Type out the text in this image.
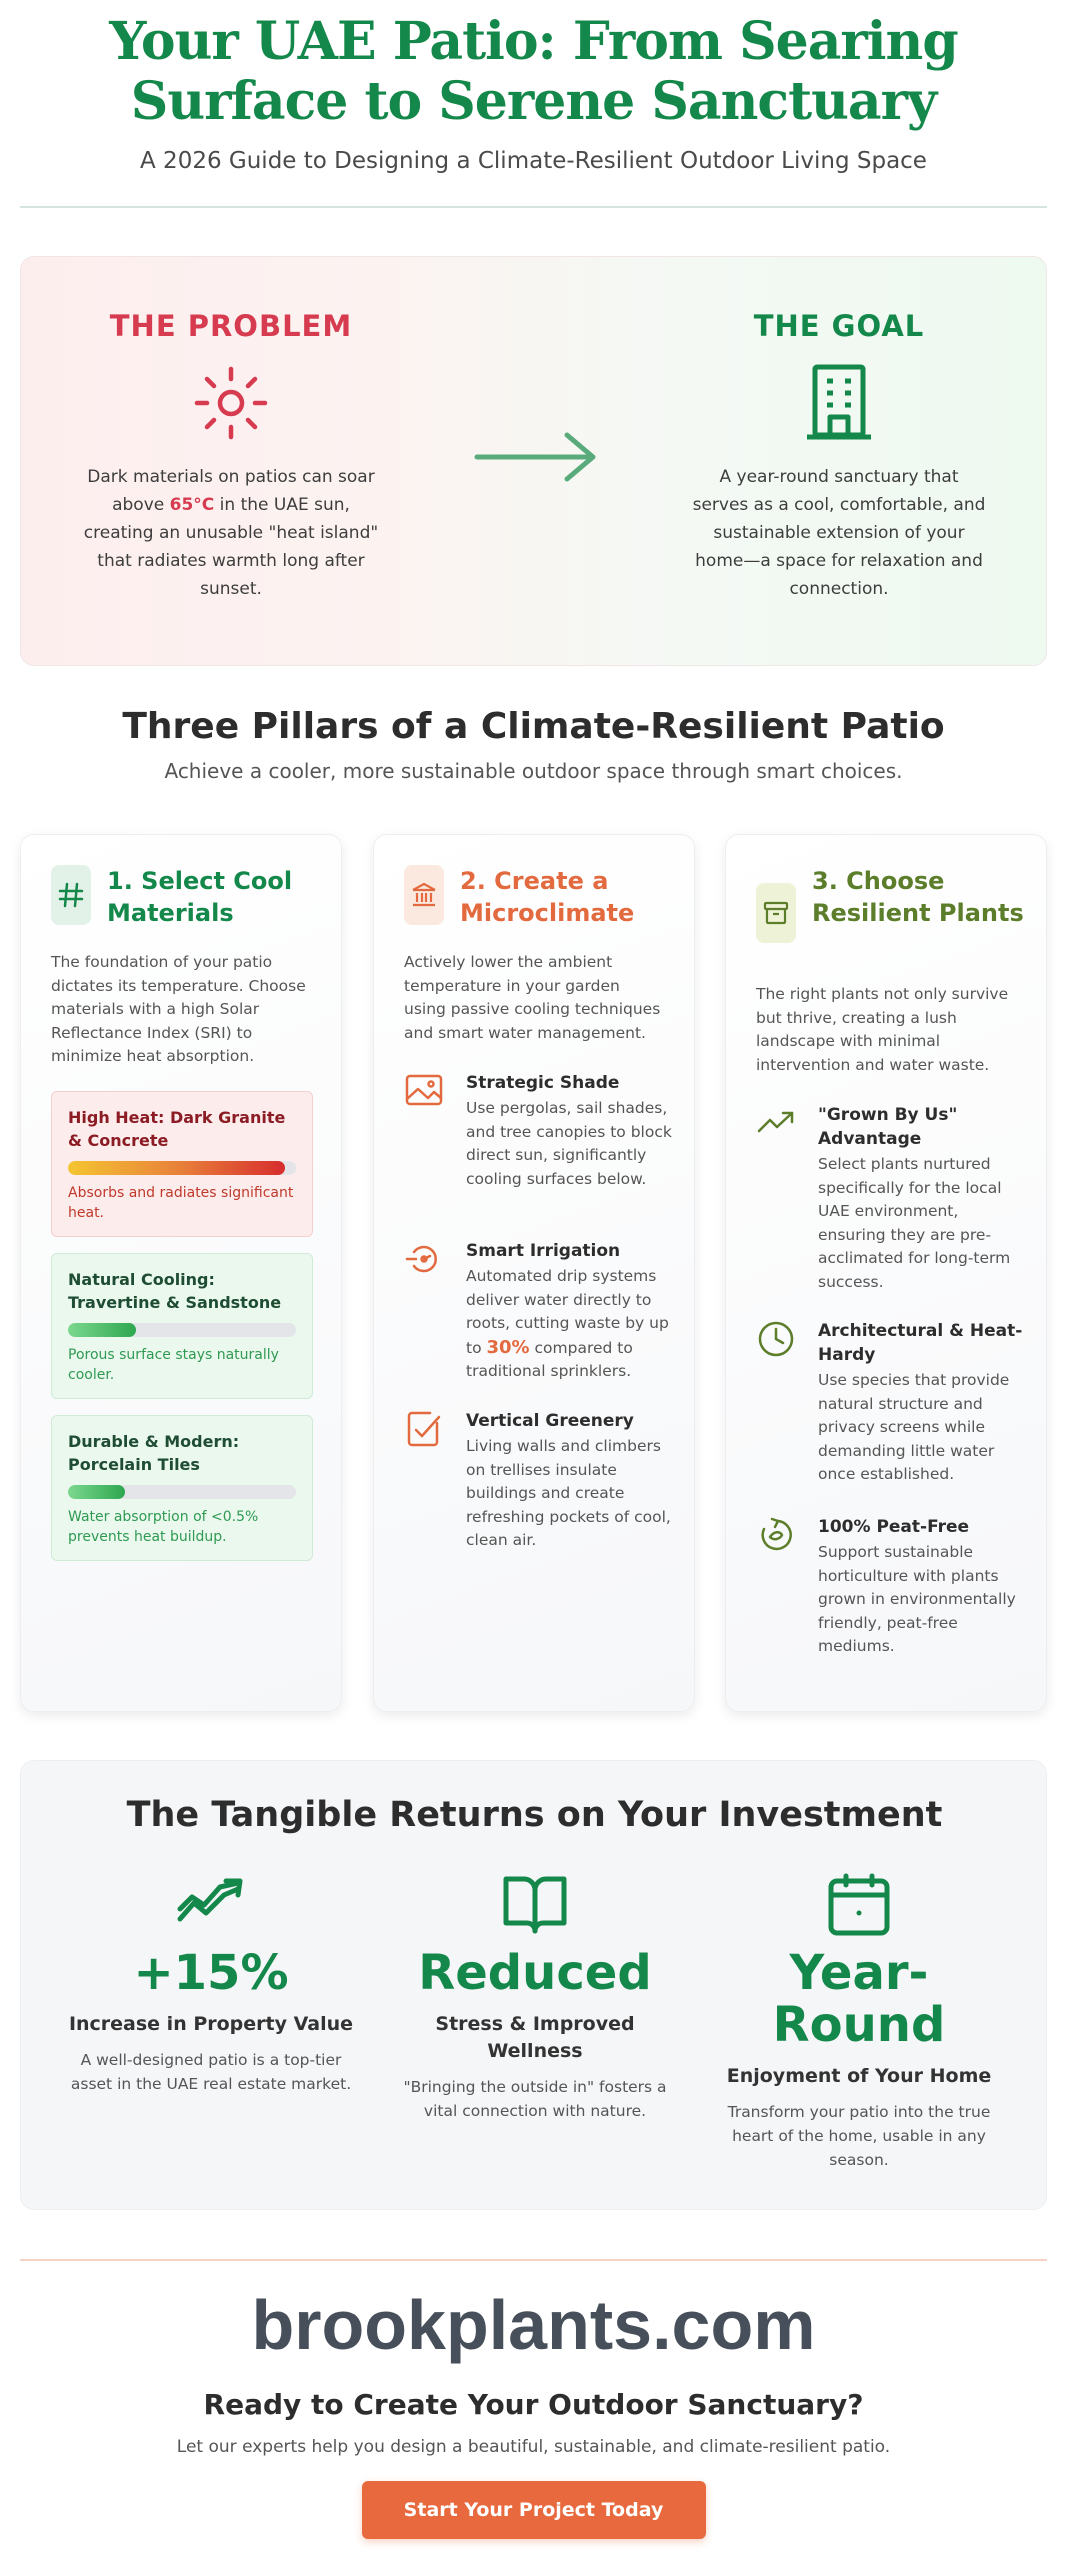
Your UAE Patio: From Searing Surface to Serene Sanctuary

A 2026 Guide to Designing a Climate-Resilient Outdoor Living Space

THE PROBLEM

Dark materials on patios can soar above 65°C in the UAE sun, creating an unusable "heat island" that radiates warmth long after sunset.

THE GOAL

A year-round sanctuary that serves as a cool, comfortable, and sustainable extension of your home—a space for relaxation and connection.

Three Pillars of a Climate-Resilient Patio

Achieve a cooler, more sustainable outdoor space through smart choices.

1. Select Cool Materials

The foundation of your patio dictates its temperature. Choose materials with a high Solar Reflectance Index (SRI) to minimize heat absorption.

High Heat: Dark Granite & Concrete
Absorbs and radiates significant heat.
Natural Cooling: Travertine & Sandstone
Porous surface stays naturally cooler.
Durable & Modern: Porcelain Tiles
Water absorption of <0.5% prevents heat buildup.
2. Create a Microclimate

Actively lower the ambient temperature in your garden using passive cooling techniques and smart water management.

Strategic Shade
Use pergolas, sail shades, and tree canopies to block direct sun, significantly cooling surfaces below.
Smart Irrigation
Automated drip systems deliver water directly to roots, cutting waste by up to 30% compared to traditional sprinklers.
Vertical Greenery
Living walls and climbers on trellises insulate buildings and create refreshing pockets of cool, clean air.
3. Choose Resilient Plants

The right plants not only survive but thrive, creating a lush landscape with minimal intervention and water waste.

"Grown By Us" Advantage
Select plants nurtured specifically for the local UAE environment, ensuring they are pre-acclimated for long-term success.
Architectural & Heat-Hardy
Use species that provide natural structure and privacy screens while demanding little water once established.
100% Peat-Free
Support sustainable horticulture with plants grown in environmentally friendly, peat-free mediums.
The Tangible Returns on Your Investment
+15%
Increase in Property Value
A well-designed patio is a top-tier asset in the UAE real estate market.
Reduced
Stress & Improved Wellness
"Bringing the outside in" fosters a vital connection with nature.
Year-Round
Enjoyment of Your Home
Transform your patio into the true heart of the home, usable in any season.
brookplants.com
Ready to Create Your Outdoor Sanctuary?

Let our experts help you design a beautiful, sustainable, and climate-resilient patio.

Start Your Project Today
